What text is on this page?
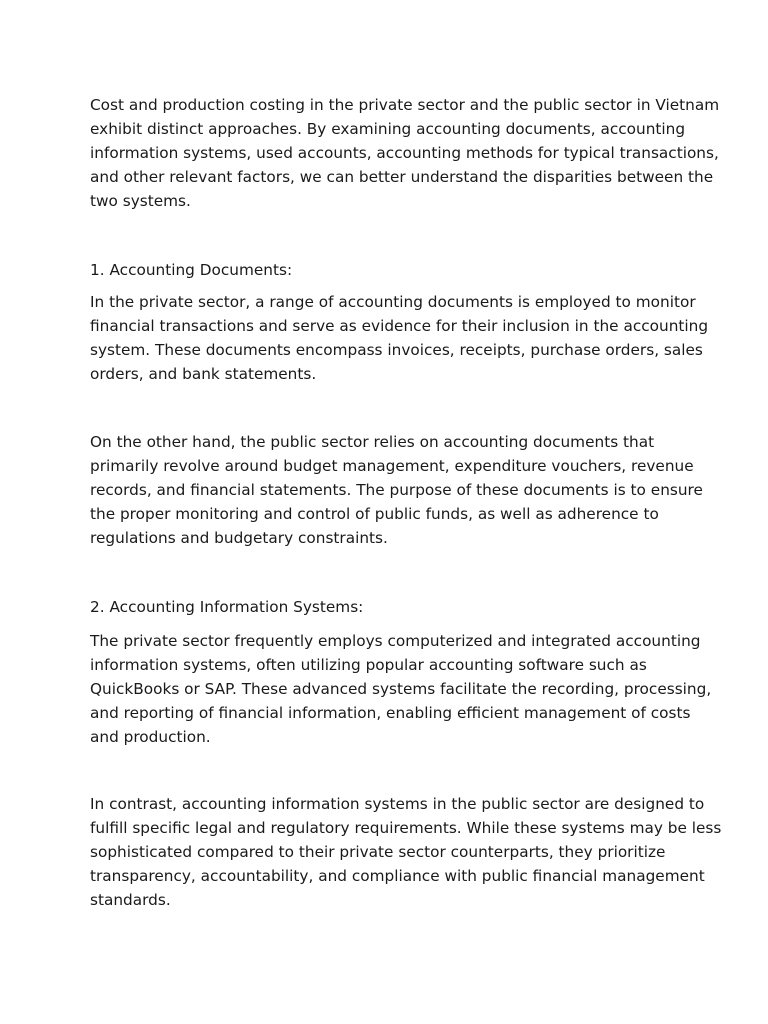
Cost and production costing in the private sector and the public sector in Vietnam
exhibit distinct approaches. By examining accounting documents, accounting
information systems, used accounts, accounting methods for typical transactions,
and other relevant factors, we can better understand the disparities between the
two systems.

1. Accounting Documents:

In the private sector, a range of accounting documents is employed to monitor
financial transactions and serve as evidence for their inclusion in the accounting
system. These documents encompass invoices, receipts, purchase orders, sales
orders, and bank statements.

On the other hand, the public sector relies on accounting documents that
primarily revolve around budget management, expenditure vouchers, revenue
records, and financial statements. The purpose of these documents is to ensure
the proper monitoring and control of public funds, as well as adherence to
regulations and budgetary constraints.

2. Accounting Information Systems:

The private sector frequently employs computerized and integrated accounting
information systems, often utilizing popular accounting software such as
QuickBooks or SAP. These advanced systems facilitate the recording, processing,
and reporting of financial information, enabling efficient management of costs
and production.

In contrast, accounting information systems in the public sector are designed to
fulfill specific legal and regulatory requirements. While these systems may be less
sophisticated compared to their private sector counterparts, they prioritize
transparency, accountability, and compliance with public financial management
standards.
